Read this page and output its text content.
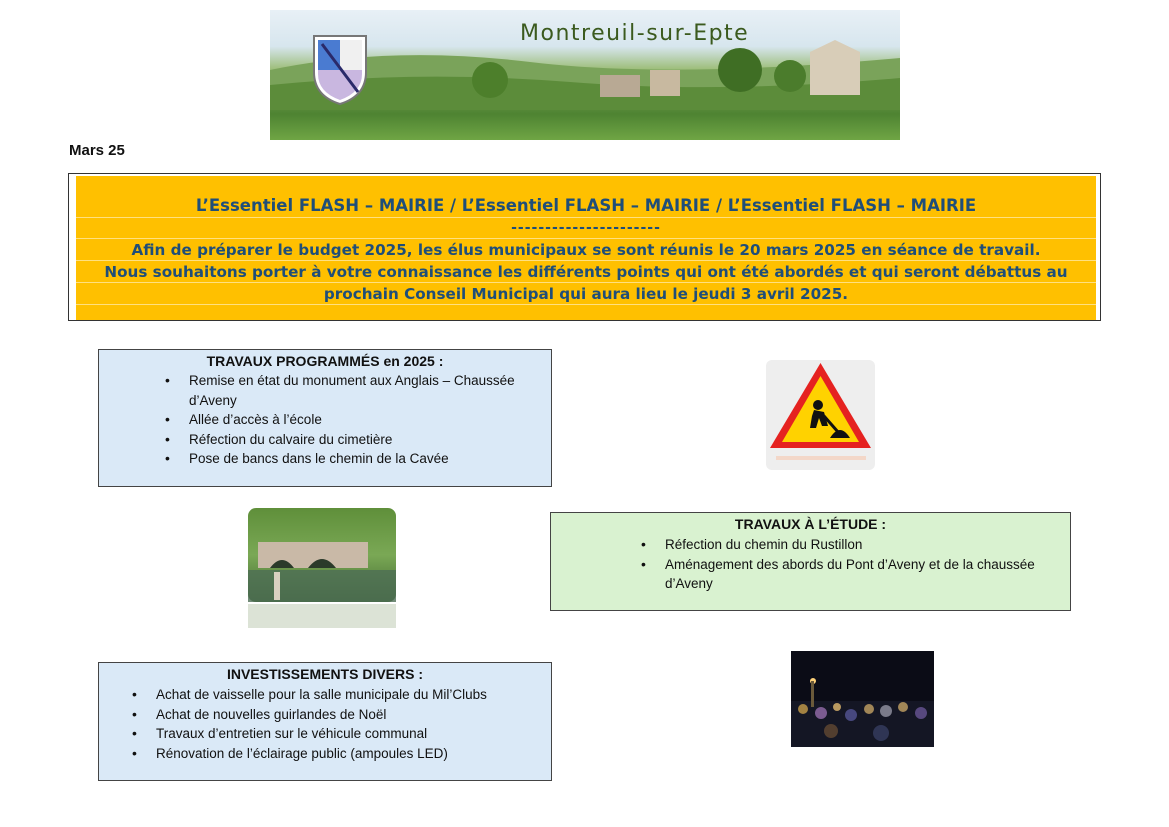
Montreuil-sur-Epte
Mars 25
L’Essentiel FLASH – MAIRIE / L’Essentiel FLASH – MAIRIE / L’Essentiel FLASH – MAIRIE
----------------------
Afin de préparer le budget 2025, les élus municipaux se sont réunis le 20 mars 2025 en séance de travail.
Nous souhaitons porter à votre connaissance les différents points qui ont été abordés et qui seront débattus au
prochain Conseil Municipal qui aura lieu le jeudi 3 avril 2025.
TRAVAUX PROGRAMMÉS en 2025 :
• Remise en état du monument aux Anglais – Chaussée d’Aveny
• Allée d’accès à l’école
• Réfection du calvaire du cimetière
• Pose de bancs dans le chemin de la Cavée
TRAVAUX À L’ÉTUDE :
• Réfection du chemin du Rustillon
• Aménagement des abords du Pont d’Aveny et de la chaussée d’Aveny
INVESTISSEMENTS DIVERS :
• Achat de vaisselle pour la salle municipale du Mil’Clubs
• Achat de nouvelles guirlandes de Noël
• Travaux d’entretien sur le véhicule communal
• Rénovation de l’éclairage public (ampoules LED)
